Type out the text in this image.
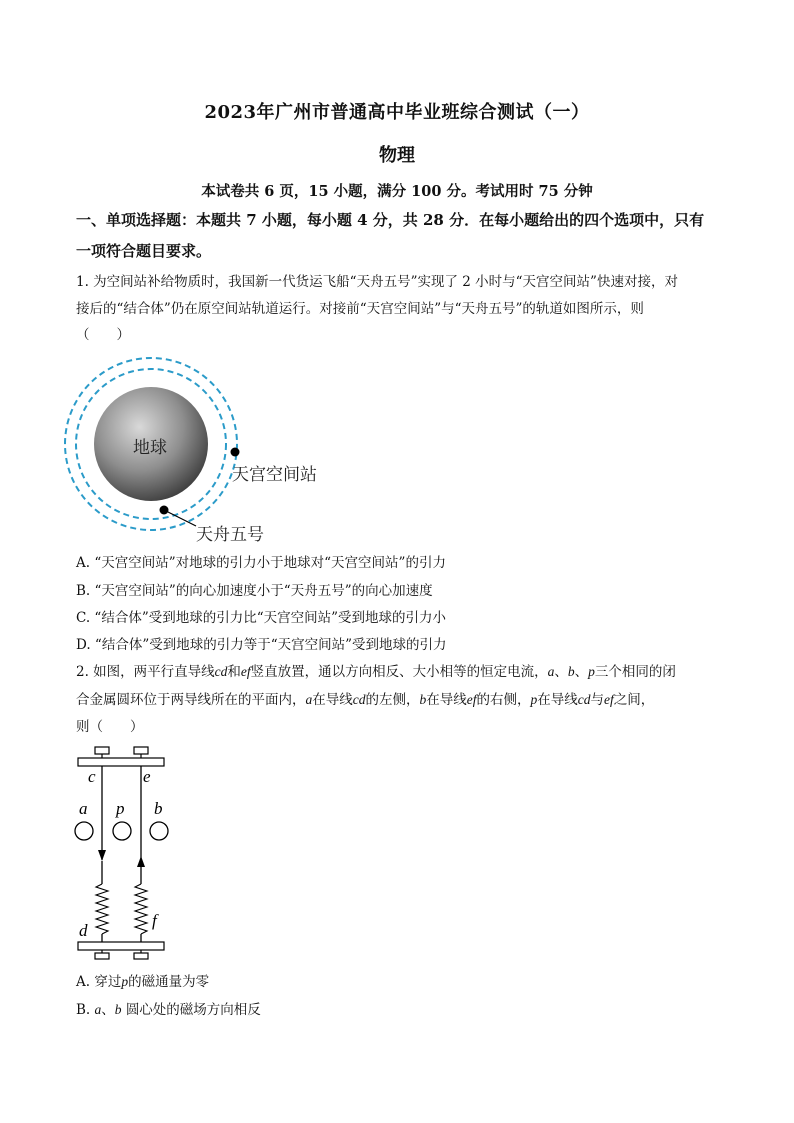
2023年广州市普通高中毕业班综合测试（一）
物理
本试卷共 6 页，15 小题，满分 100 分。考试用时 75 分钟
一、单项选择题：本题共 7 小题，每小题 4 分，共 28 分．在每小题给出的四个选项中，只有
一项符合题目要求。
1. 为空间站补给物质时，我国新一代货运飞船“天舟五号”实现了 2 小时与“天宫空间站”快速对接，对
接后的“结合体”仍在原空间站轨道运行。对接前“天宫空间站”与“天舟五号”的轨道如图所示，则
（　　）
地球
天宫空间站
天舟五号
A. “天宫空间站”对地球的引力小于地球对“天宫空间站”的引力
B. “天宫空间站”的向心加速度小于“天舟五号”的向心加速度
C. “结合体”受到地球的引力比“天宫空间站”受到地球的引力小
D. “结合体”受到地球的引力等于“天宫空间站”受到地球的引力
2. 如图，两平行直导线cd和ef竖直放置，通以方向相反、大小相等的恒定电流，a、b、p三个相同的闭
合金属圆环位于两导线所在的平面内，a在导线cd的左侧，b在导线ef的右侧，p在导线cd与ef之间，
则（　　）
c	e
a p b
d
f
A. 穿过p的磁通量为零
B. a、b 圆心处的磁场方向相反
